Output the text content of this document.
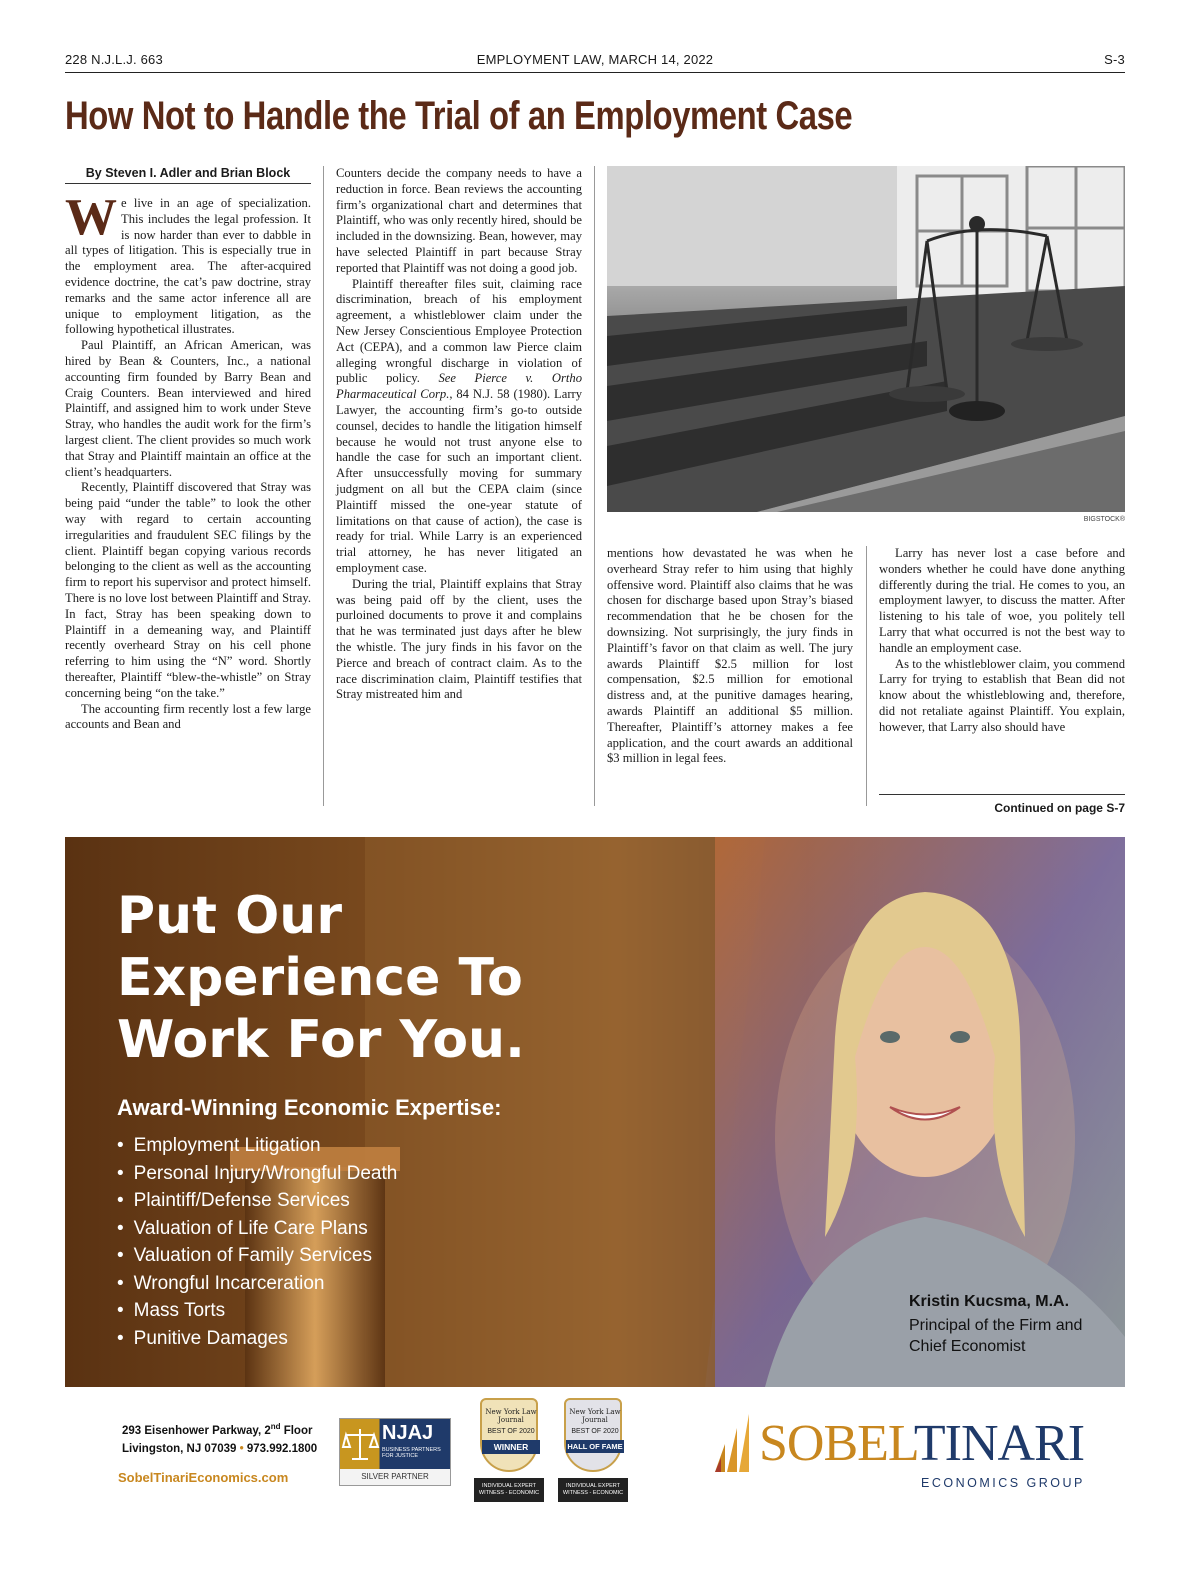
EMPLOYMENT LAW, MARCH 14, 2022
228 N.J.L.J. 663	S-3
How Not to Handle the Trial of an Employment Case
By Steven I. Adler and Brian Block

We live in an age of specialization. This includes the legal profession. It is now harder than ever to dabble in all types of litigation. This is especially true in the employment area. The after-acquired evidence doctrine, the cat’s paw doctrine, stray remarks and the same actor inference all are unique to employment litigation, as the following hypothetical illustrates.

Paul Plaintiff, an African American, was hired by Bean & Counters, Inc., a national accounting firm founded by Barry Bean and Craig Counters. Bean interviewed and hired Plaintiff, and assigned him to work under Steve Stray, who handles the audit work for the firm’s largest client. The client provides so much work that Stray and Plaintiff maintain an office at the client’s headquarters.

Recently, Plaintiff discovered that Stray was being paid “under the table” to look the other way with regard to certain accounting irregularities and fraudulent SEC filings by the client. Plaintiff began copying various records belonging to the client as well as the accounting firm to report his supervisor and protect himself. There is no love lost between Plaintiff and Stray. In fact, Stray has been speaking down to Plaintiff in a demeaning way, and Plaintiff recently overheard Stray on his cell phone referring to him using the “N” word. Shortly thereafter, Plaintiff “blew-the-whistle” on Stray concerning being “on the take.”

The accounting firm recently lost a few large accounts and Bean and

Counters decide the company needs to have a reduction in force. Bean reviews the accounting firm’s organizational chart and determines that Plaintiff, who was only recently hired, should be included in the downsizing. Bean, however, may have selected Plaintiff in part because Stray reported that Plaintiff was not doing a good job.

Plaintiff thereafter files suit, claiming race discrimination, breach of his employment agreement, a whistleblower claim under the New Jersey Conscientious Employee Protection Act (CEPA), and a common law Pierce claim alleging wrongful discharge in violation of public policy. See Pierce v. Ortho Pharmaceutical Corp., 84 N.J. 58 (1980). Larry Lawyer, the accounting firm’s go-to outside counsel, decides to handle the litigation himself because he would not trust anyone else to handle the case for such an important client. After unsuccessfully moving for summary judgment on all but the CEPA claim (since Plaintiff missed the one-year statute of limitations on that cause of action), the case is ready for trial. While Larry is an experienced trial attorney, he has never litigated an employment case.

During the trial, Plaintiff explains that Stray was being paid off by the client, uses the purloined documents to prove it and complains that he was terminated just days after he blew the whistle. The jury finds in his favor on the Pierce and breach of contract claim. As to the race discrimination claim, Plaintiff testifies that Stray mistreated him and

BIGSTOCK®

mentions how devastated he was when he overheard Stray refer to him using that highly offensive word. Plaintiff also claims that he was chosen for discharge based upon Stray’s biased recommendation that he be chosen for the downsizing. Not surprisingly, the jury finds in Plaintiff’s favor on that claim as well. The jury awards Plaintiff $2.5 million for lost compensation, $2.5 million for emotional distress and, at the punitive damages hearing, awards Plaintiff an additional $5 million. Thereafter, Plaintiff’s attorney makes a fee application, and the court awards an additional $3 million in legal fees.

Larry has never lost a case before and wonders whether he could have done anything differently during the trial. He comes to you, an employment lawyer, to discuss the matter. After listening to his tale of woe, you politely tell Larry that what occurred is not the best way to handle an employment case.

As to the whistleblower claim, you commend Larry for trying to establish that Bean did not know about the whistleblowing and, therefore, did not retaliate against Plaintiff. You explain, however, that Larry also should have

Continued on page S-7
Put Our
Experience To
Work For You.
Award-Winning Economic Expertise:
• Employment Litigation
• Personal Injury/Wrongful Death
• Plaintiff/Defense Services
• Valuation of Life Care Plans
• Valuation of Family Services
• Wrongful Incarceration
• Mass Torts
• Punitive Damages
Kristin Kucsma, M.A.
Principal of the Firm and Chief Economist
293 Eisenhower Parkway, 2nd Floor
Livingston, NJ 07039 • 973.992.1800
SobelTinariEconomics.com
NJAJ
BUSINESS PARTNERS FOR JUSTICE
SILVER PARTNER
New York Law Journal
BEST OF 2020
WINNER
INDIVIDUAL EXPERT WITNESS - ECONOMIC
New York Law Journal
BEST OF 2020
HALL OF FAME
INDIVIDUAL EXPERT WITNESS - ECONOMIC
SOBELTINARI
ECONOMICS GROUP
